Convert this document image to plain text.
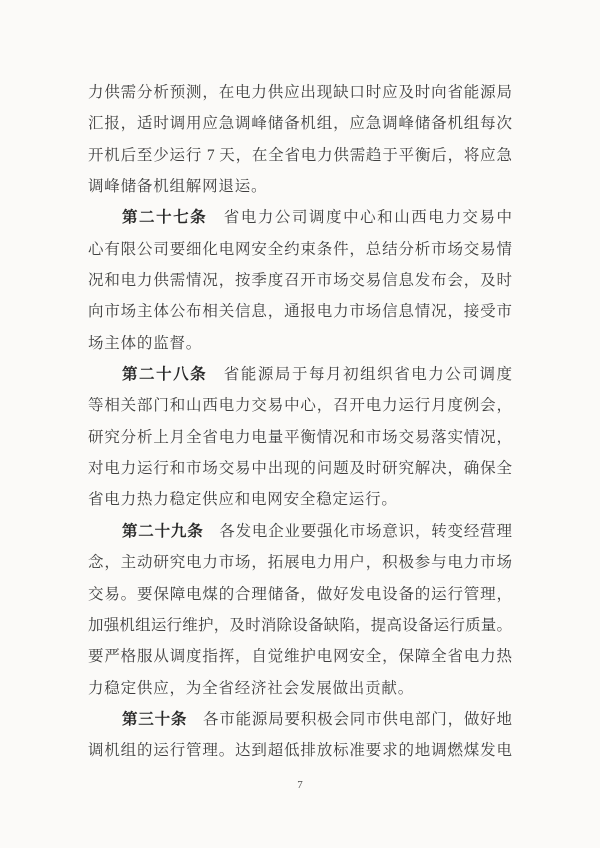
力供需分析预测，在电力供应出现缺口时应及时向省能源局
汇报，适时调用应急调峰储备机组，应急调峰储备机组每次
开机后至少运行 7 天，在全省电力供需趋于平衡后，将应急
调峰储备机组解网退运。
第二十七条 省电力公司调度中心和山西电力交易中
心有限公司要细化电网安全约束条件，总结分析市场交易情
况和电力供需情况，按季度召开市场交易信息发布会，及时
向市场主体公布相关信息，通报电力市场信息情况，接受市
场主体的监督。
第二十八条 省能源局于每月初组织省电力公司调度
等相关部门和山西电力交易中心，召开电力运行月度例会，
研究分析上月全省电力电量平衡情况和市场交易落实情况，
对电力运行和市场交易中出现的问题及时研究解决，确保全
省电力热力稳定供应和电网安全稳定运行。
第二十九条 各发电企业要强化市场意识，转变经营理
念，主动研究电力市场，拓展电力用户，积极参与电力市场
交易。要保障电煤的合理储备，做好发电设备的运行管理，
加强机组运行维护，及时消除设备缺陷，提高设备运行质量。
要严格服从调度指挥，自觉维护电网安全，保障全省电力热
力稳定供应，为全省经济社会发展做出贡献。
第三十条 各市能源局要积极会同市供电部门，做好地
调机组的运行管理。达到超低排放标准要求的地调燃煤发电
7
